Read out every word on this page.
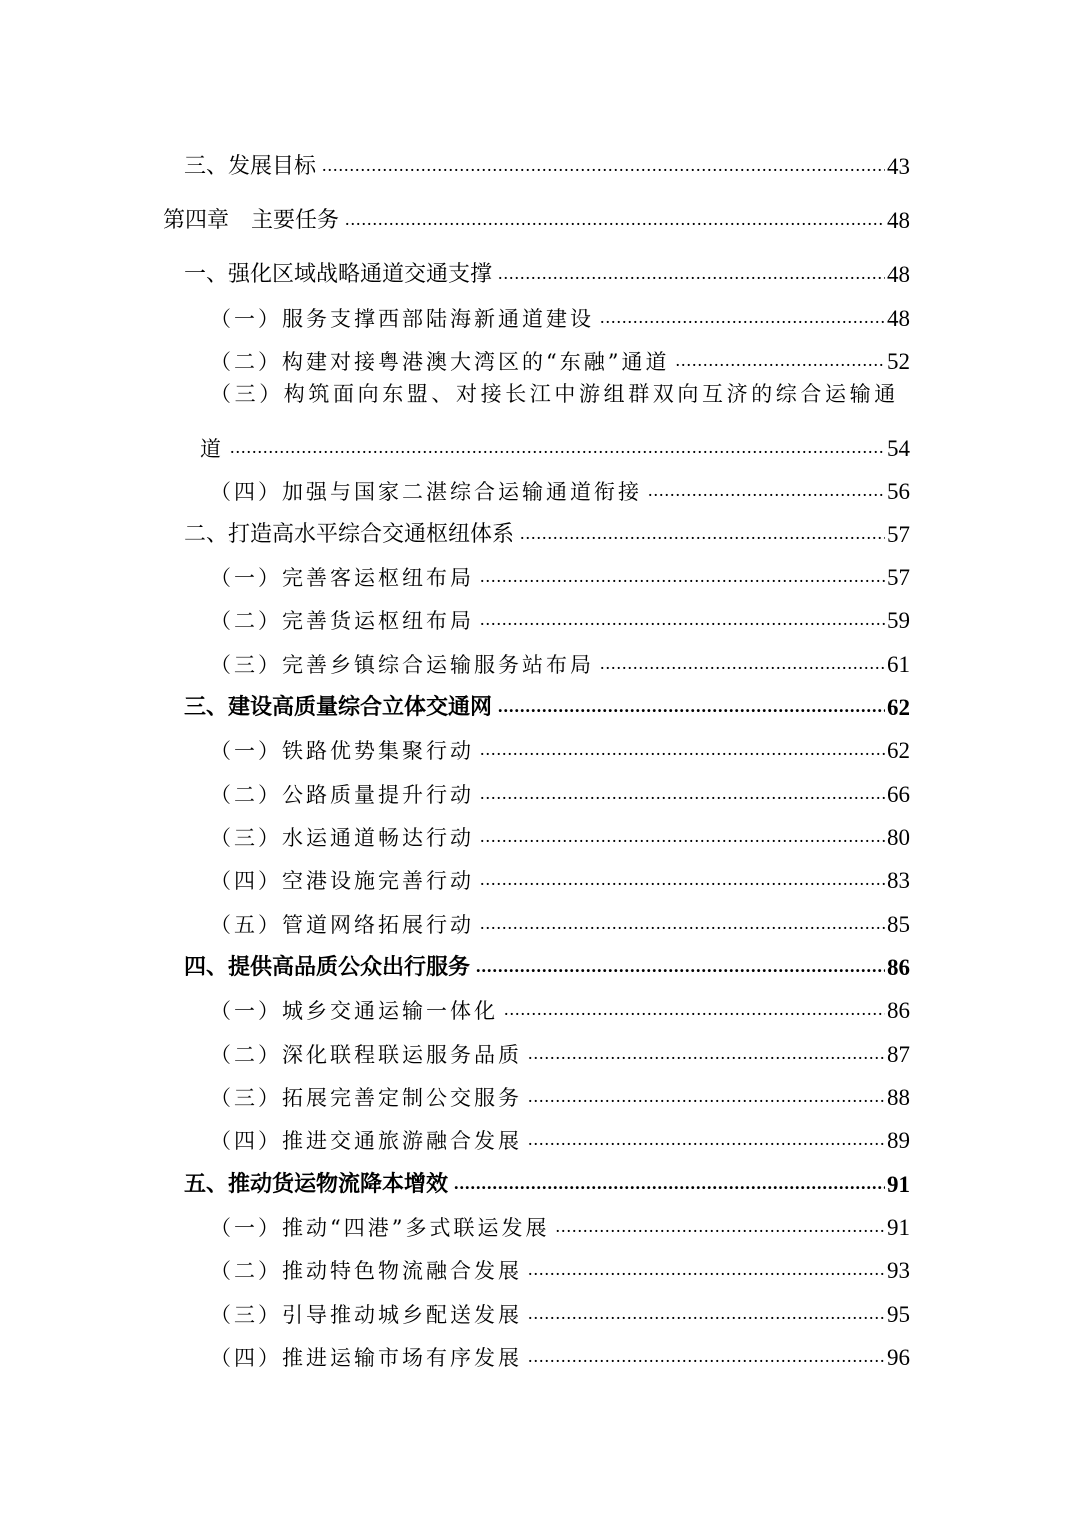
三、发展目标 .....	43
第四章　主要任务 .....	48
一、强化区域战略通道交通支撑 .....	48
（一）服务支撑西部陆海新通道建设 .....	48
（二）构建对接粤港澳大湾区的“东融”通道 .....	52
（三）构筑面向东盟、对接长江中游组群双向互济的综合运输通
道 .....	54
（四）加强与国家二湛综合运输通道衔接 .....	56
二、打造高水平综合交通枢纽体系 .....	57
（一）完善客运枢纽布局 .....	57
（二）完善货运枢纽布局 .....	59
（三）完善乡镇综合运输服务站布局 .....	61
三、建设高质量综合立体交通网 .....	62
（一）铁路优势集聚行动 .....	62
（二）公路质量提升行动 .....	66
（三）水运通道畅达行动 .....	80
（四）空港设施完善行动 .....	83
（五）管道网络拓展行动 .....	85
四、提供高品质公众出行服务 .....	86
（一）城乡交通运输一体化 .....	86
（二）深化联程联运服务品质 .....	87
（三）拓展完善定制公交服务 .....	88
（四）推进交通旅游融合发展 .....	89
五、推动货运物流降本增效 .....	91
（一）推动“四港”多式联运发展 .....	91
（二）推动特色物流融合发展 .....	93
（三）引导推动城乡配送发展 .....	95
（四）推进运输市场有序发展 .....	96
